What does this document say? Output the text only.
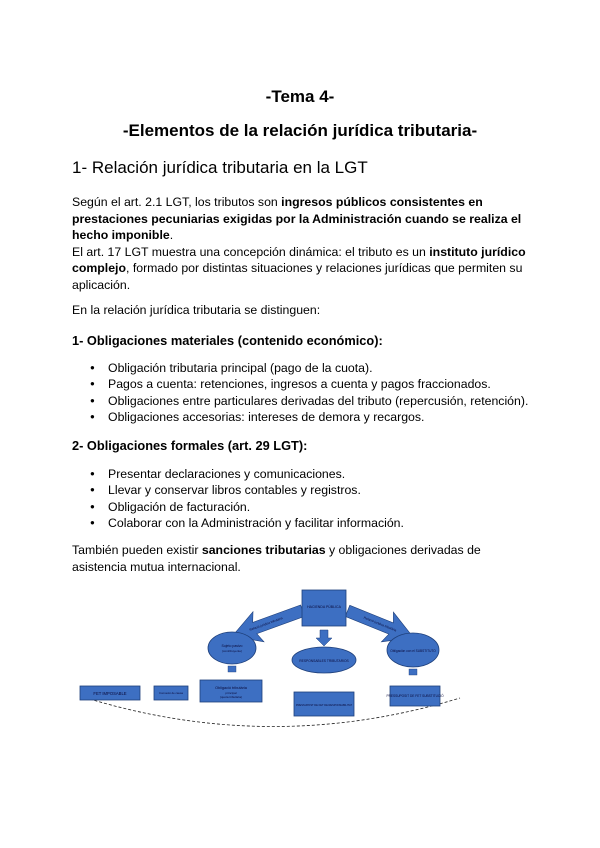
-Tema 4-
-Elementos de la relación jurídica tributaria-
1- Relación jurídica tributaria en la LGT
Según el art. 2.1 LGT, los tributos son ingresos públicos consistentes en prestaciones pecuniarias exigidas por la Administración cuando se realiza el hecho imponible.
El art. 17 LGT muestra una concepción dinámica: el tributo es un instituto jurídico complejo, formado por distintas situaciones y relaciones jurídicas que permiten su aplicación.
En la relación jurídica tributaria se distinguen:
1- Obligaciones materiales (contenido económico):
● Obligación tributaria principal (pago de la cuota).
● Pagos a cuenta: retenciones, ingresos a cuenta y pagos fraccionados.
● Obligaciones entre particulares derivadas del tributo (repercusión, retención).
● Obligaciones accesorias: intereses de demora y recargos.
2- Obligaciones formales (art. 29 LGT):
● Presentar declaraciones y comunicaciones.
● Llevar y conservar libros contables y registros.
● Obligación de facturación.
● Colaborar con la Administración y facilitar información.
También pueden existir sanciones tributarias y obligaciones derivadas de asistencia mutua internacional.
Relació jurídica tributària	Relació jurídica tributària
HACIENDA PÚBLICA
Sujeto pasivo
(contribuyente)
RESPONSABLES TRIBUTARIOS
Obligación con el SUBSTITUTO
FET IMPOSABLE	Connexió de causa
Obligació tributària
principal
(quota tributària)
PRESSUPOST DE FET DE RESPONSABILITAT
PRESSUPOSIT DE FET SUBSTITUCIÓ
